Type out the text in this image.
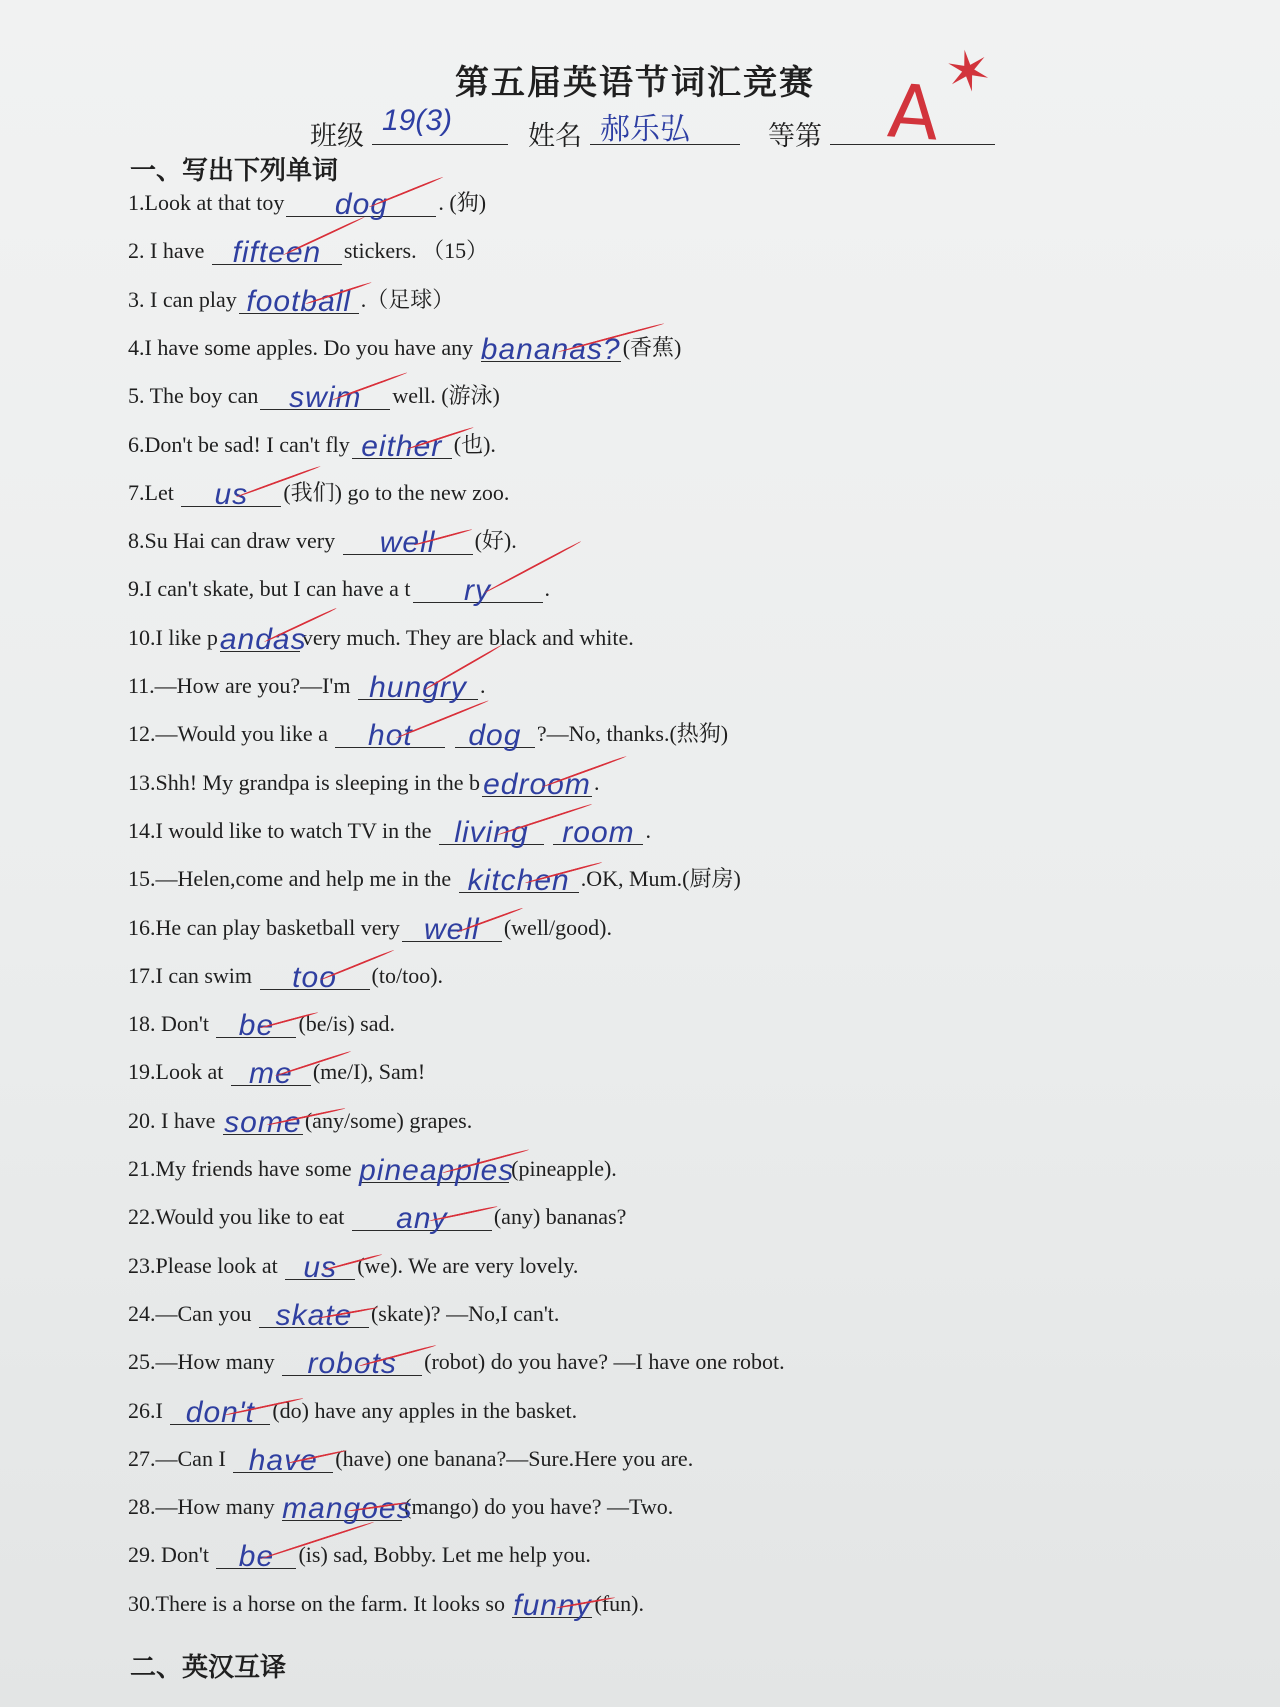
第五届英语节词汇竞赛 ✶
A
班级 19(3)	姓名 郝乐弘	等第
一、写出下列单词
1.Look at that toy	dog	. (狗)
2. I have fifteen	stickers. （15）
3. I can play football .（足球）
4.I have some apples. Do you have any bananas? (香蕉)
5. The boy can	swim	well. (游泳)
6.Don't be sad! I can't fly either (也).
7.Let	us	(我们) go to the new zoo.
8.Su Hai can draw very	well	(好).
9.I can't skate, but I can have a t	ry	.
10.I like p andas
very much. They are black and white.
11.—How are you?—I'm hungry .
12.—Would you like a	hot
	dog ?—No, thanks.(热狗)
13.Shh! My grandpa is sleeping in the b edroom .
14.I would like to watch TV in the living
	room .
15.—Helen,come and help me in the kitchen .OK, Mum.(厨房)
16.He can play basketball very well	(well/good).
17.I can swim	too	(to/too).
18. Don't be	(be/is) sad.
19.Look at me (me/I), Sam!
20. I have some (any/some) grapes.
21.My friends have some pineapples
(pineapple).
22.Would you like to eat	any	(any) bananas?
23.Please look at us (we). We are very lovely.
24.—Can you skate (skate)? —No,I can't.
25.—How many robots	(robot) do you have? —I have one robot.
26.I don't (do) have any apples in the basket.
27.—Can I have (have) one banana?—Sure.Here you are.
28.—How many mangoes
(mango) do you have? —Two.
29. Don't be	(is) sad, Bobby. Let me help you.
30.There is a horse on the farm. It looks so funny (fun).
二、英汉互译
